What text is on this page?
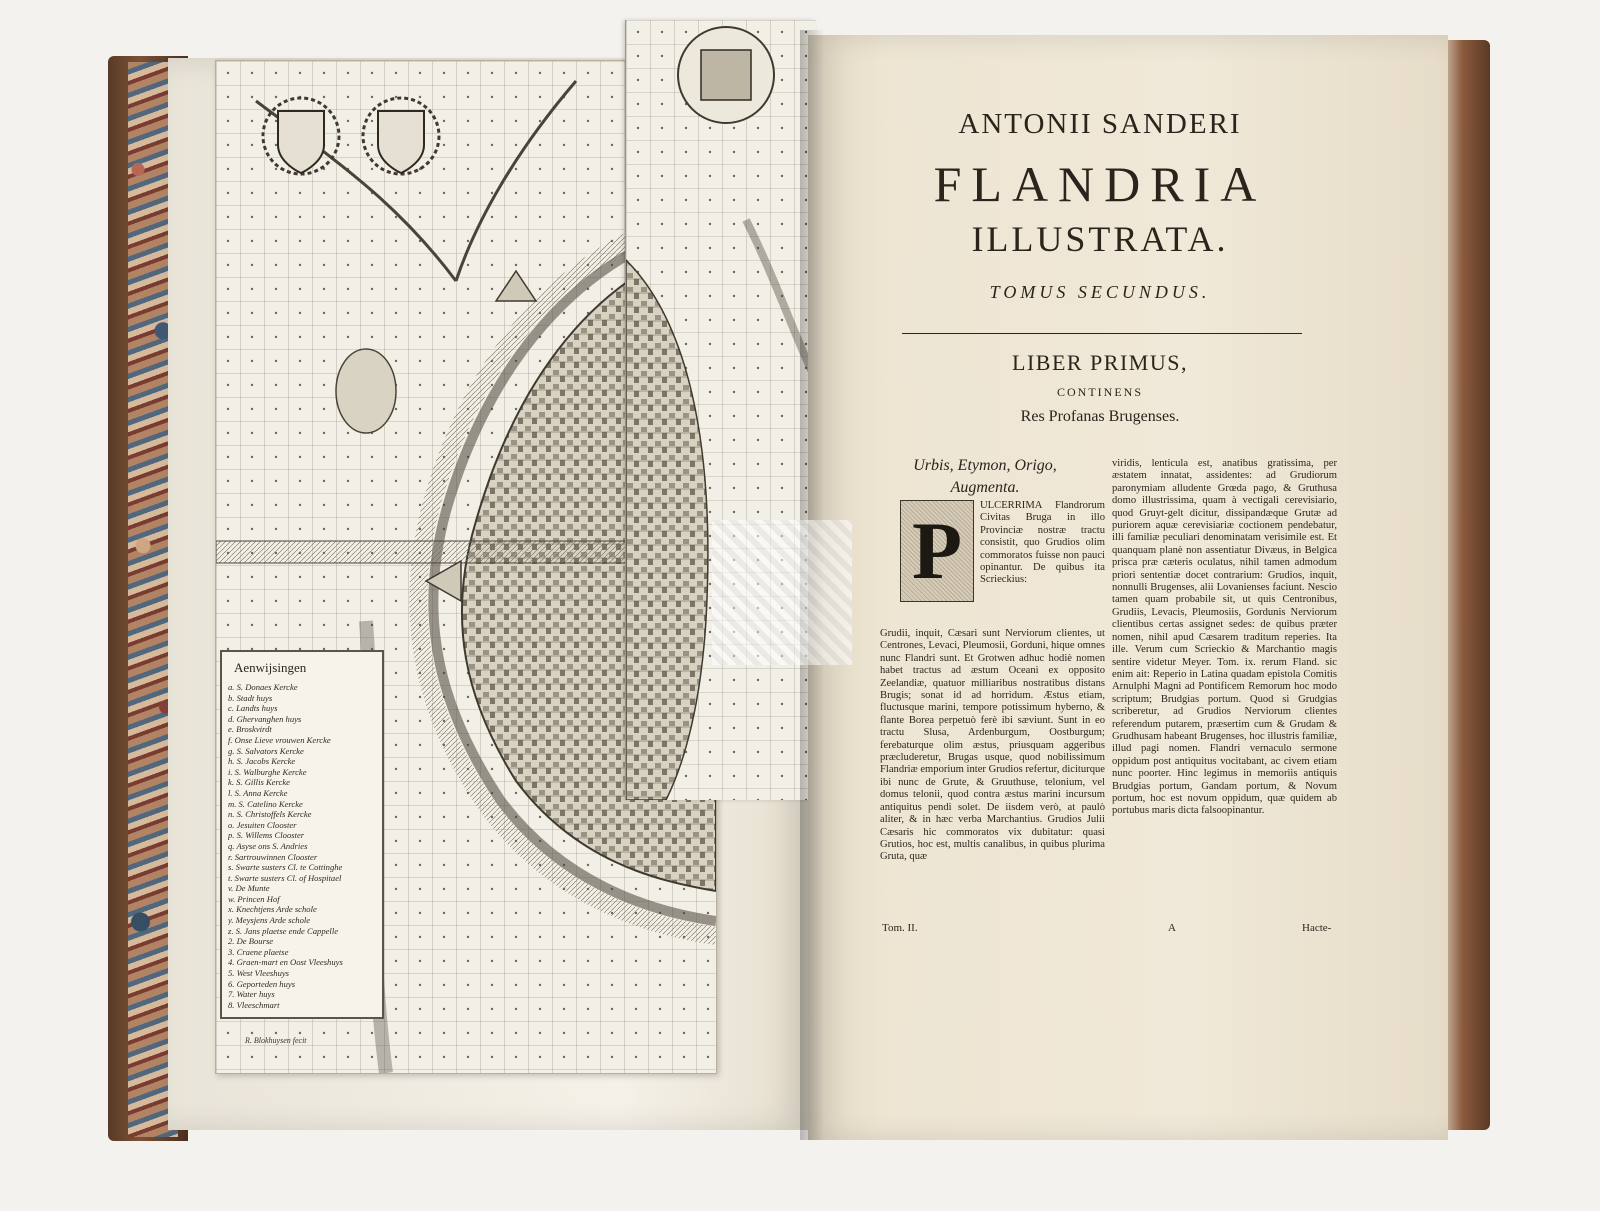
Aenwijsingen
a. S. Donaes Kercke
b. Stadt huys
c. Landts huys
d. Ghervanghen huys
e. Broskvirdt
f. Onse Lieve vrouwen Kercke
g. S. Salvators Kercke
h. S. Jacobs Kercke
i. S. Walburghe Kercke
k. S. Gillis Kercke
l. S. Anna Kercke
m. S. Catelino Kercke
n. S. Christoffels Kercke
o. Jesuiten Clooster
p. S. Willems Clooster
q. Asyse ons S. Andries
r. Sartrouwinnen Clooster
s. Swarte susters Cl. te Cottinghe
t. Swarte susters Cl. of Hospitael
v. De Munte
w. Princen Hof
x. Knechtjens Arde schole
y. Meysjens Arde schole
z. S. Jans plaetse ende Cappelle
2. De Bourse
3. Craene plaetse
4. Graen-mart en Oost Vleeshuys
5. West Vleeshuys
6. Geporteden huys
7. Water huys
8. Vleeschmart
R. Blokhuysen fecit
ANTONII SANDERI
FLANDRIA
ILLUSTRATA.
TOMUS SECUNDUS.
LIBER PRIMUS,
CONTINENS
Res Profanas Brugenses.
Urbis, Etymon, Origo,
Augmenta.
P	ULCERRIMA Flandrorum Civitas Bruga in illo Provinciæ nostræ tractu consistit, quo Grudios olim commoratos fuisse non pauci opinantur. De quibus ita Scrieckius:
Grudii, inquit, Cæsari sunt Nerviorum clientes, ut Centrones, Levaci, Pleumosii, Gorduni, hique omnes nunc Flandri sunt. Et Grotwen adhuc hodiè nomen habet tractus ad æstum Oceani ex opposito Zeelandiæ, quatuor milliaribus nostratibus distans Brugis; sonat id ad horridum. Æstus etiam, fluctusque marini, tempore potissimum hyberno, & flante Borea perpetuò ferè ibi sæviunt. Sunt in eo tractu Slusa, Ardenburgum, Oostburgum; ferebaturque olim æstus, priusquam aggeribus præcluderetur, Brugas usque, quod nobilissimum Flandriæ emporium inter Grudios refertur, diciturque ibi nunc de Grute, & Gruuthuse, telonium, vel domus telonii, quod contra æstus marini incursum antiquitus pendi solet. De iisdem verò, at paulò aliter, & in hæc verba Marchantius. Grudios Julii Cæsaris hic commoratos vix dubitatur: quasi Grutios, hoc est, multis canalibus, in quibus plurima Gruta, quæ
viridis, lenticula est, anatibus gratissima, per æstatem innatat, assidentes: ad Grudiorum paronymiam alludente Grœda pago, & Gruthusa domo illustrissima, quam à vectigali cerevisiario, quod Gruyt-gelt dicitur, dissipandæque Grutæ ad puriorem aquæ cerevisiariæ coctionem pendebatur, illi familiæ peculiari denominatam verisimile est. Et quanquam planè non assentiatur Divæus, in Belgica prisca præ cæteris oculatus, nihil tamen admodum priori sententiæ docet contrarium: Grudios, inquit, nonnulli Brugenses, alii Lovanienses faciunt. Nescio tamen quam probabile sit, ut quis Centronibus, Grudiis, Levacis, Pleumosiis, Gordunis Nerviorum clientibus certas assignet sedes: de quibus præter nomen, nihil apud Cæsarem traditum reperies. Ita ille. Verum cum Scrieckio & Marchantio magis sentire videtur Meyer. Tom. ix. rerum Fland. sic enim ait: Reperio in Latina quadam epistola Comitis Arnulphi Magni ad Pontificem Remorum hoc modo scriptum; Brudgias portum. Quod si Grudgias scriberetur, ad Grudios Nerviorum clientes referendum putarem, præsertim cum & Grudam & Grudhusam habeant Brugenses, hoc illustris familiæ, illud pagi nomen. Flandri vernaculo sermone oppidum post antiquitus vocitabant, ac civem etiam nunc poorter. Hinc legimus in memoriis antiquis Brudgias portum, Gandam portum, & Novum portum, hoc est novum oppidum, quæ quidem ab portubus maris dicta falsoopinantur.
Tom. II.	A	Hacte-
